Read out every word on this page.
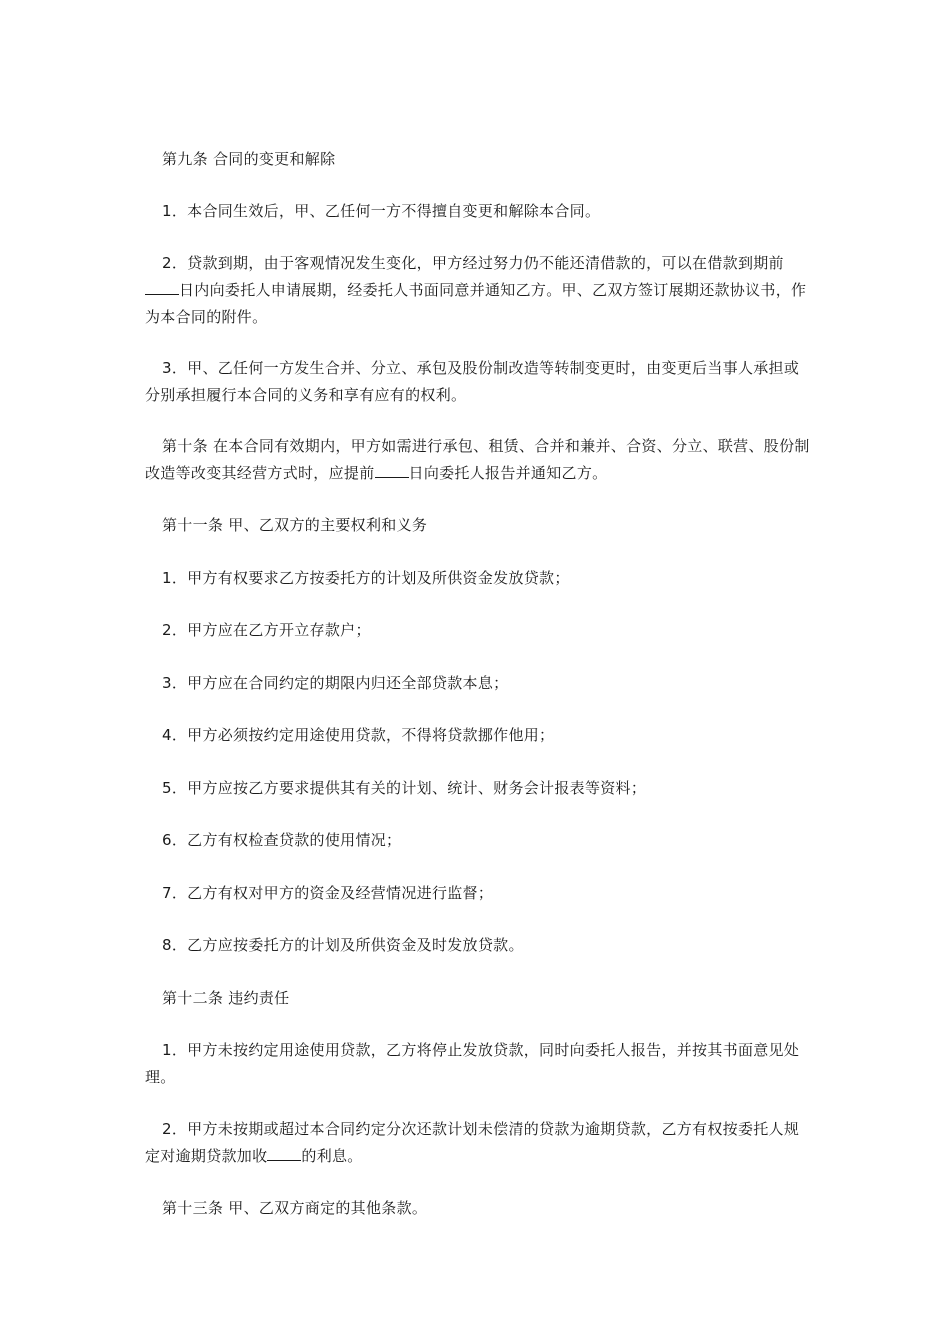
第九条 合同的变更和解除

1．本合同生效后，甲、乙任何一方不得擅自变更和解除本合同。

2．贷款到期，由于客观情况发生变化，甲方经过努力仍不能还清借款的，可以在借款到期前日内向委托人申请展期，经委托人书面同意并通知乙方。甲、乙双方签订展期还款协议书，作为本合同的附件。

3．甲、乙任何一方发生合并、分立、承包及股份制改造等转制变更时，由变更后当事人承担或分别承担履行本合同的义务和享有应有的权利。

第十条 在本合同有效期内，甲方如需进行承包、租赁、合并和兼并、合资、分立、联营、股份制改造等改变其经营方式时，应提前 日向委托人报告并通知乙方。

第十一条 甲、乙双方的主要权利和义务

1．甲方有权要求乙方按委托方的计划及所供资金发放贷款；

2．甲方应在乙方开立存款户；

3．甲方应在合同约定的期限内归还全部贷款本息；

4．甲方必须按约定用途使用贷款，不得将贷款挪作他用；

5．甲方应按乙方要求提供其有关的计划、统计、财务会计报表等资料；

6．乙方有权检查贷款的使用情况；

7．乙方有权对甲方的资金及经营情况进行监督；

8．乙方应按委托方的计划及所供资金及时发放贷款。

第十二条 违约责任

1．甲方未按约定用途使用贷款，乙方将停止发放贷款，同时向委托人报告，并按其书面意见处理。

2．甲方未按期或超过本合同约定分次还款计划未偿清的贷款为逾期贷款，乙方有权按委托人规定对逾期贷款加收 的利息。

第十三条 甲、乙双方商定的其他条款。
